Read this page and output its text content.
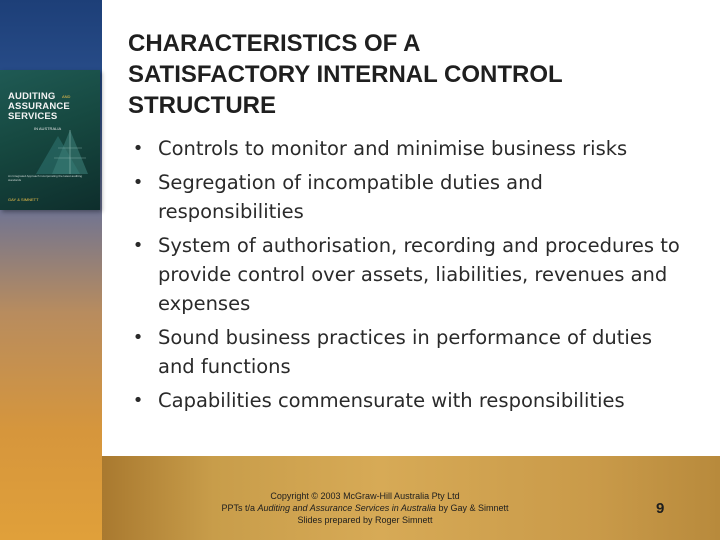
AUDITING
ASSURANCE
SERVICES
AND
IN AUSTRALIA
An Integrated Approach incorporating the latest auditing standards
GAY & SIMNETT
CHARACTERISTICS OF A
SATISFACTORY INTERNAL CONTROL
STRUCTURE
• Controls to monitor and minimise business risks
• Segregation of incompatible duties and responsibilities
• System of authorisation, recording and procedures to provide control over assets, liabilities, revenues and expenses
• Sound business practices in performance of duties and functions
• Capabilities commensurate with responsibilities
Copyright © 2003 McGraw-Hill Australia Pty Ltd
PPTs t/a Auditing and Assurance Services in Australia by Gay & Simnett
Slides prepared by Roger Simnett
9
